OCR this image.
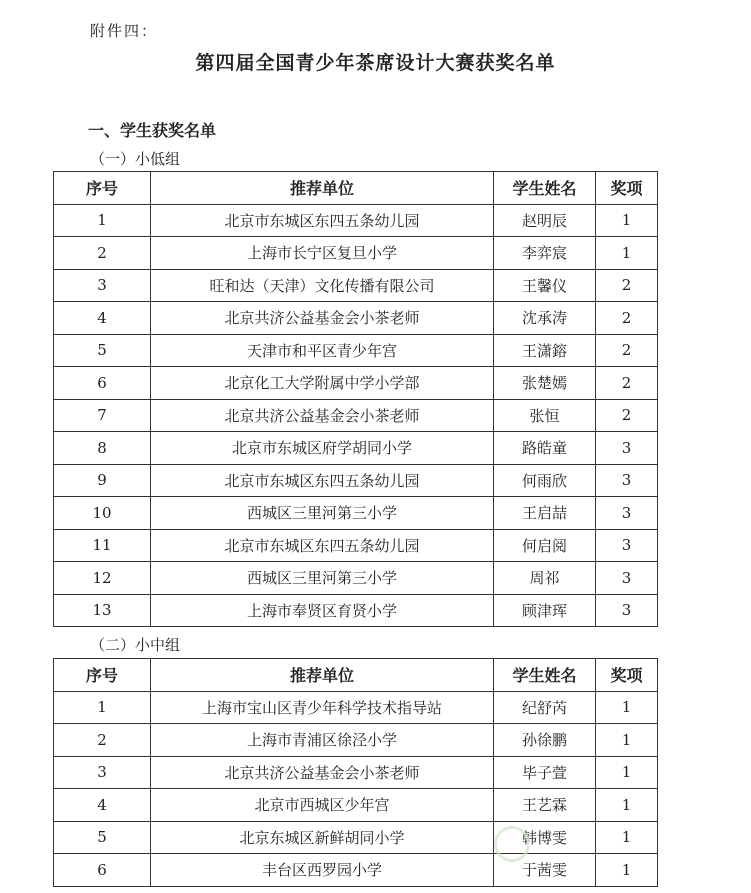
附件四：
第四届全国青少年茶席设计大赛获奖名单
一、学生获奖名单
（一）小低组
序号	推荐单位	学生姓名	奖项
1	北京市东城区东四五条幼儿园	赵明辰	1
2	上海市长宁区复旦小学	李弈宸	1
3	旺和达（天津）文化传播有限公司	王馨仪	2
4	北京共济公益基金会小茶老师	沈承涛	2
5	天津市和平区青少年宫	王潇鎔	2
6	北京化工大学附属中学小学部	张楚嫣	2
7	北京共济公益基金会小茶老师	张恒	2
8	北京市东城区府学胡同小学	路皓童	3
9	北京市东城区东四五条幼儿园	何雨欣	3
10	西城区三里河第三小学	王启喆	3
11	北京市东城区东四五条幼儿园	何启阅	3
12	西城区三里河第三小学	周祁	3
13	上海市奉贤区育贤小学	顾津珲	3
（二）小中组
序号	推荐单位	学生姓名	奖项
1	上海市宝山区青少年科学技术指导站	纪舒芮	1
2	上海市青浦区徐泾小学	孙徐鹏	1
3	北京共济公益基金会小茶老师	毕子萱	1
4	北京市西城区少年宫	王艺霖	1
5	北京东城区新鲜胡同小学	韩博雯	1
6	丰台区西罗园小学	于茜雯	1
